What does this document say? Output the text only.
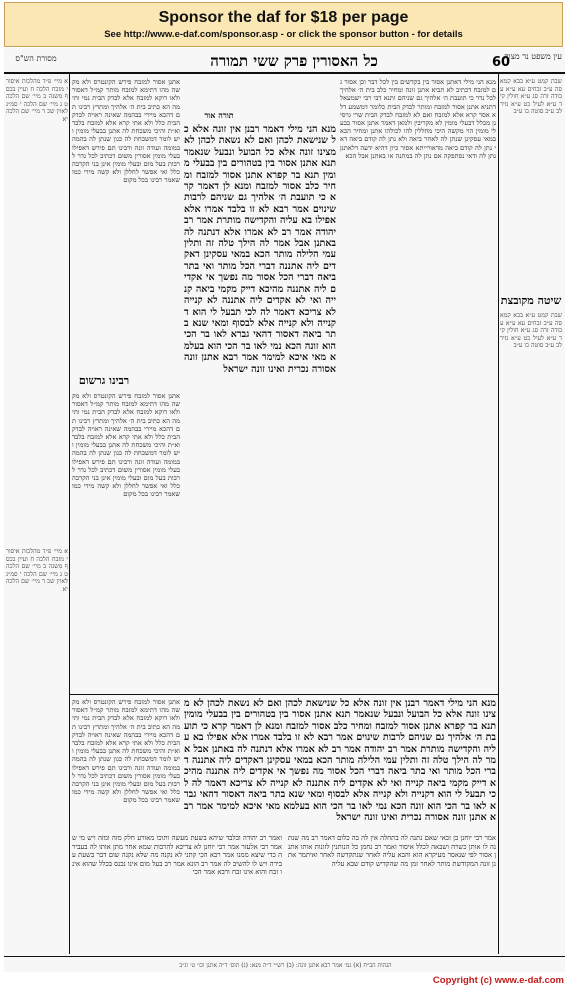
Sponsor the daf for $18 per page
See http://www.e-daf.com/sponsor.asp - or click the sponsor button - for details
מסורת הש"ס	כל האסורין פרק ששי תמורה	60
עין משפט נר מצוה
א מיי׳ פ״ד מהלכות איסורי מזבח הלכה ח ועיין בכסף משנה ב מיי׳ שם הלכה ט ג מיי׳ שם הלכה י סמ״ג לאוין שכ ד מיי׳ שם הלכה יא
א מיי׳ פ״ד מהלכות איסורי מזבח הלכה ח ועיין בכסף משנה ב מיי׳ שם הלכה ט ג מיי׳ שם הלכה י סמ״ג לאוין שכ ד מיי׳ שם הלכה יא
שבת קמט ע״א בבא קמא סה ע״ב זבחים עא ע״א עבודה זרה סג ע״א חולין קיד ע״א לעיל כט ע״א נזיר לב ע״ב סוטה כו ע״ב
שיטה מקובצת
שבת קמט ע״א בבא קמא סה ע״ב זבחים עא ע״א עבודה זרה סג ע״א חולין קיד ע״א לעיל כט ע״א נזיר לב ע״ב סוטה כו ע״ב
אתנן אסור למזבח פירש הקונטרס ולא מקשה מהו דתימא למזבח מותר קמ״ל דאסור ולאו דוקא למזבח אלא לבדק הבית נמי ותימה הא כתיב בית ה׳ אלהיך ומתרץ רבינו תם דהכא מיירי בבהמה שאינה ראויה לבדק הבית כלל ולא אתי קרא אלא למזבח בלבד וא״ת והיכי משכחת לה אתנן בבעלי מומין ויש לומר דמשכחת לה כגון שנתן לה בהמה במומה ועודה זונה ורבינו תם פירש דאפילו בעלי מומין אסורין משום דכתיב לכל נדר לרבות בעל מום ובעלי מומין אינן בני הקרבה כלל ואי אפשר לחללן ולא קשה מידי כמו שאמר רבינו בכל מקום
רבינו גרשום
אתנן אסור למזבח פירש הקונטרס ולא מקשה מהו דתימא למזבח מותר קמ״ל דאסור ולאו דוקא למזבח אלא לבדק הבית נמי ותימה הא כתיב בית ה׳ אלהיך ומתרץ רבינו תם דהכא מיירי בבהמה שאינה ראויה לבדק הבית כלל ולא אתי קרא אלא למזבח בלבד וא״ת והיכי משכחת לה אתנן בבעלי מומין ויש לומר דמשכחת לה כגון שנתן לה בהמה במומה ועודה זונה ורבינו תם פירש דאפילו בעלי מומין אסורין משום דכתיב לכל נדר לרבות בעל מום ובעלי מומין אינן בני הקרבה כלל ואי אפשר לחללן ולא קשה מידי כמו שאמר רבינו בכל מקום
תורה אור
מנא הני מילי דאמר רבנן אין זונה אלא כל שנישאת לכהן ואם לא נשאת לכהן לא מצינו זונה אלא כל הבועל ונבעל שנאמר תנא אתנן אסור בין בטהורים בין בבעלי מומין תנא בר קפרא אתנן אסור למזבח ומחיר כלב אסור למזבח ומנא לן דאמר קרא כי תועבת ה׳ אלהיך גם שניהם לרבות שינוים אמר רבא לא זו בלבד אמרו אלא אפילו בא עליה והקדישה מותרת אמר רב יהודה אמר רב לא אמרו אלא דנתנה לה באתנן אבל אמר לה הילך טלה זה ותלין עמי הלילה מותר הכא במאי עסקינן דאקדים ליה אתננה דברי הכל מותר ואי בתר ביאה דברי הכל אסור מה נפשך אי אקדים ליה אתננה מהיכא דייק מקמי ביאה קנייה ואי לא אקדים ליה אתננה לא קנייה לא צריכא דאמר לה לכי תבעל לי הוא דקנייה ולא קנייה אלא לבסוף ומאי שנא בתר ביאה דאסור דהאי גברא לאו בר הכי הוא זונה הכא נמי לאו בר הכי הוא בעלמא מאי איכא למימר אמר רבא אתנן זונה אסורה נכרית ואינו זונה ישראל
מנא הני מילי דאתנן אסור בין בקדשים בין לכל דבר וכן אסור גם למזבח דכתיב לא תביא אתנן זונה ומחיר כלב בית ה׳ אלהיך לכל נדר כי תועבת ה׳ אלהיך גם שניהם ותנא דבי רבי ישמעאל דתניא אתנן אסור למזבח ומותר לבדק הבית כלומר דמשמע דלא אסר קרא אלא למזבח ואם לא למזבח לבדק הבית שרי גרסינן מכלל דבעלי מומין לא מקריבין ולמאן דאמר אתנן אסור בבעלי מומין הוי מקשה היכי מחללין להו לכולהו אתנן ומחיר הכא במאי עסקינן שנתן לה לאחר ביאה ולא נתן לה קודם ביאה דאי נתן לה קודם ביאה מדאורייתא אסור כיון דהיא ידעה דלאתנן נתן לה ודאי נסתפקה אם נתן לה במתנה או באתנן אבל הכא
מנא הני מילי דאמר רבנן אין זונה אלא כל שנישאת לכהן ואם לא נשאת לכהן לא מצינו זונה אלא כל הבועל ונבעל שנאמר תנא אתנן אסור בין בטהורים בין בבעלי מומין תנא בר קפרא אתנן אסור למזבח ומחיר כלב אסור למזבח ומנא לן דאמר קרא כי תועבת ה׳ אלהיך גם שניהם לרבות שינוים אמר רבא לא זו בלבד אמרו אלא אפילו בא עליה והקדישה מותרת אמר רב יהודה אמר רב לא אמרו אלא דנתנה לה באתנן אבל אמר לה הילך טלה זה ותלין עמי הלילה מותר הכא במאי עסקינן דאקדים ליה אתננה דברי הכל מותר ואי בתר ביאה דברי הכל אסור מה נפשך אי אקדים ליה אתננה מהיכא דייק מקמי ביאה קנייה ואי לא אקדים ליה אתננה לא קנייה לא צריכא דאמר לה לכי תבעל לי הוא דקנייה ולא קנייה אלא לבסוף ומאי שנא בתר ביאה דאסור דהאי גברא לאו בר הכי הוא זונה הכא נמי לאו בר הכי הוא בעלמא מאי איכא למימר אמר רבא אתנן זונה אסורה נכרית ואינו זונה ישראל
אתנן אסור למזבח פירש הקונטרס ולא מקשה מהו דתימא למזבח מותר קמ״ל דאסור ולאו דוקא למזבח אלא לבדק הבית נמי ותימה הא כתיב בית ה׳ אלהיך ומתרץ רבינו תם דהכא מיירי בבהמה שאינה ראויה לבדק הבית כלל ולא אתי קרא אלא למזבח בלבד וא״ת והיכי משכחת לה אתנן בבעלי מומין ויש לומר דמשכחת לה כגון שנתן לה בהמה במומה ועודה זונה ורבינו תם פירש דאפילו בעלי מומין אסורין משום דכתיב לכל נדר לרבות בעל מום ובעלי מומין אינן בני הקרבה כלל ואי אפשר לחללן ולא קשה מידי כמו שאמר רבינו בכל מקום
ואמר רב יהודה ובלבד שיהא בשעת מעשה ותוכו מאורע חלק מזה ומזה ויש מי שאמר רבי אלעזר אמר רבי יוחנן לא צריכא להרבות שמא אחר מתן אותו לה בעבירה כדי שיצא ממנו אמר רבא הכי קתני לא נקנה מה שלא נקנה שום דבר בשעת עבירה ויש לו להשיב לה אמר רב הונא אמר רב בעל מום אינו נכנס בכלל שהוא אינו זבח והוא אינו זבח ורבא אמר הכי
אמר רבי יוחנן בן זכאי שאם נתנה לה בתחלה אין לה בה כלום דאמר רב מה שנתנה לו אותן כשרה ושבאה לכלל איסור ואמר רב נחמן כל הנותנין לזונות אותו אתנן אסור לפי שנאסר מעיקרא הוא והבא עליה לאחר שנתקדשה לאחר ואיתמר אתנן זונה המקודשת מותר לאחר זמן מה שהקדיש קודם שבא עליה
הגהות הב״ח (א) גמ׳ אמר רבא אתנן זונה: (ב) רש״י ד״ה מנא: (ג) תוס׳ ד״ה אתנן וכו׳ ט׳ ונ״ב
Copyright (c) www.e-daf.com
